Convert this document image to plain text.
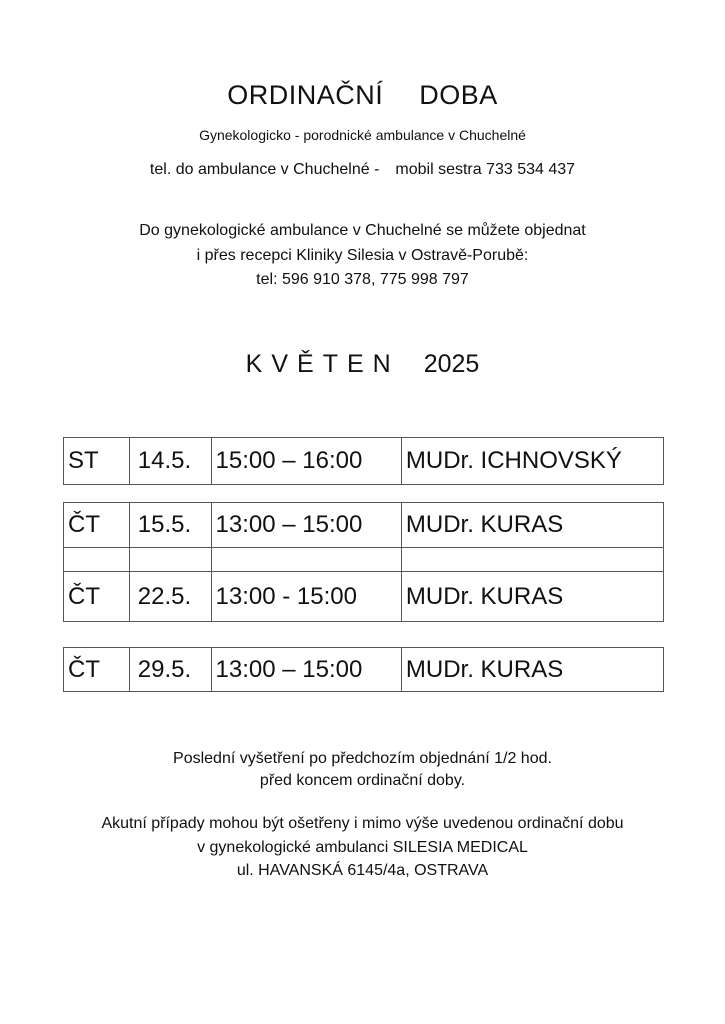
ORDINAČNÍ DOBA
Gynekologicko - porodnické ambulance v Chuchelné
tel. do ambulance v Chuchelné - mobil sestra 733 534 437
Do gynekologické ambulance v Chuchelné se můžete objednat
i přes recepci Kliniky Silesia v Ostravě-Porubě:
tel: 596 910 378, 775 998 797
KVĚTEN 2025
ST	14.5.	15:00 – 16:00	MUDr. ICHNOVSKÝ
ČT	15.5.	13:00 – 15:00	MUDr. KURAS
ČT	22.5.	13:00 - 15:00	MUDr. KURAS
ČT	29.5.	13:00 – 15:00	MUDr. KURAS
Poslední vyšetření po předchozím objednání 1/2 hod.
před koncem ordinační doby.
Akutní případy mohou být ošetřeny i mimo výše uvedenou ordinační dobu
v gynekologické ambulanci SILESIA MEDICAL
ul. HAVANSKÁ 6145/4a, OSTRAVA
